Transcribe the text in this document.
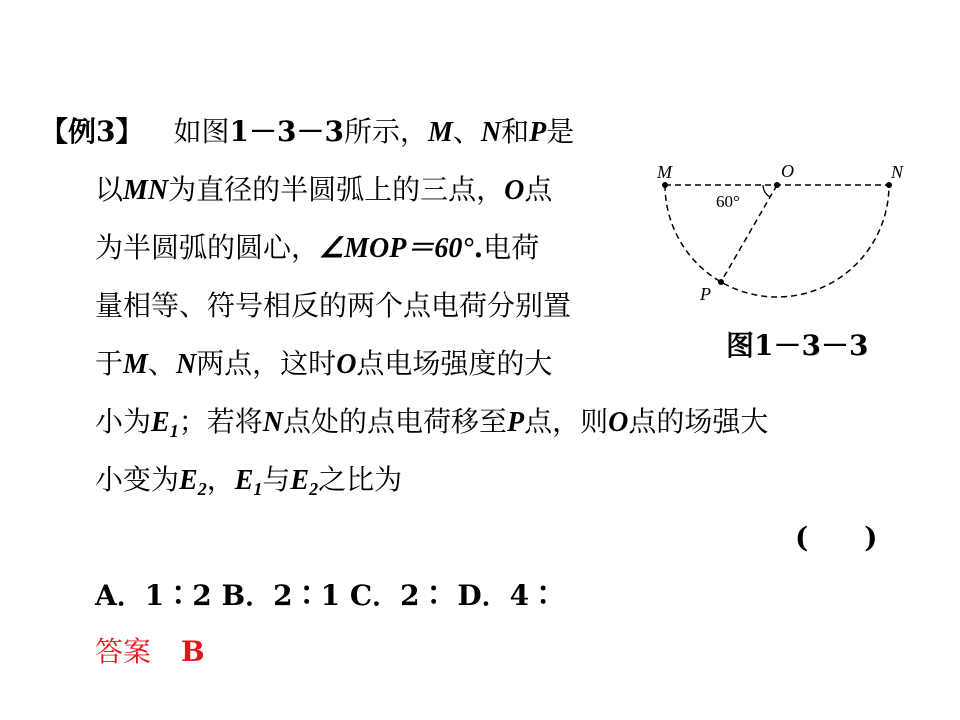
【例3】 如图1－3－3所示，M、N和P是
以MN为直径的半圆弧上的三点，O点
为半圆弧的圆心，∠MOP＝60°.电荷
量相等、符号相反的两个点电荷分别置
于M、N两点，这时O点电场强度的大
小为$E_1$；若将N点处的点电荷移至P点，则O点的场强大
小变为$E_2$，$E_1$与$E_2$之比为
(　　)
A．1∶2 B．2∶1 C．2∶ D．4∶
答案 B
M	O	N
P
60°
图1－3－3
